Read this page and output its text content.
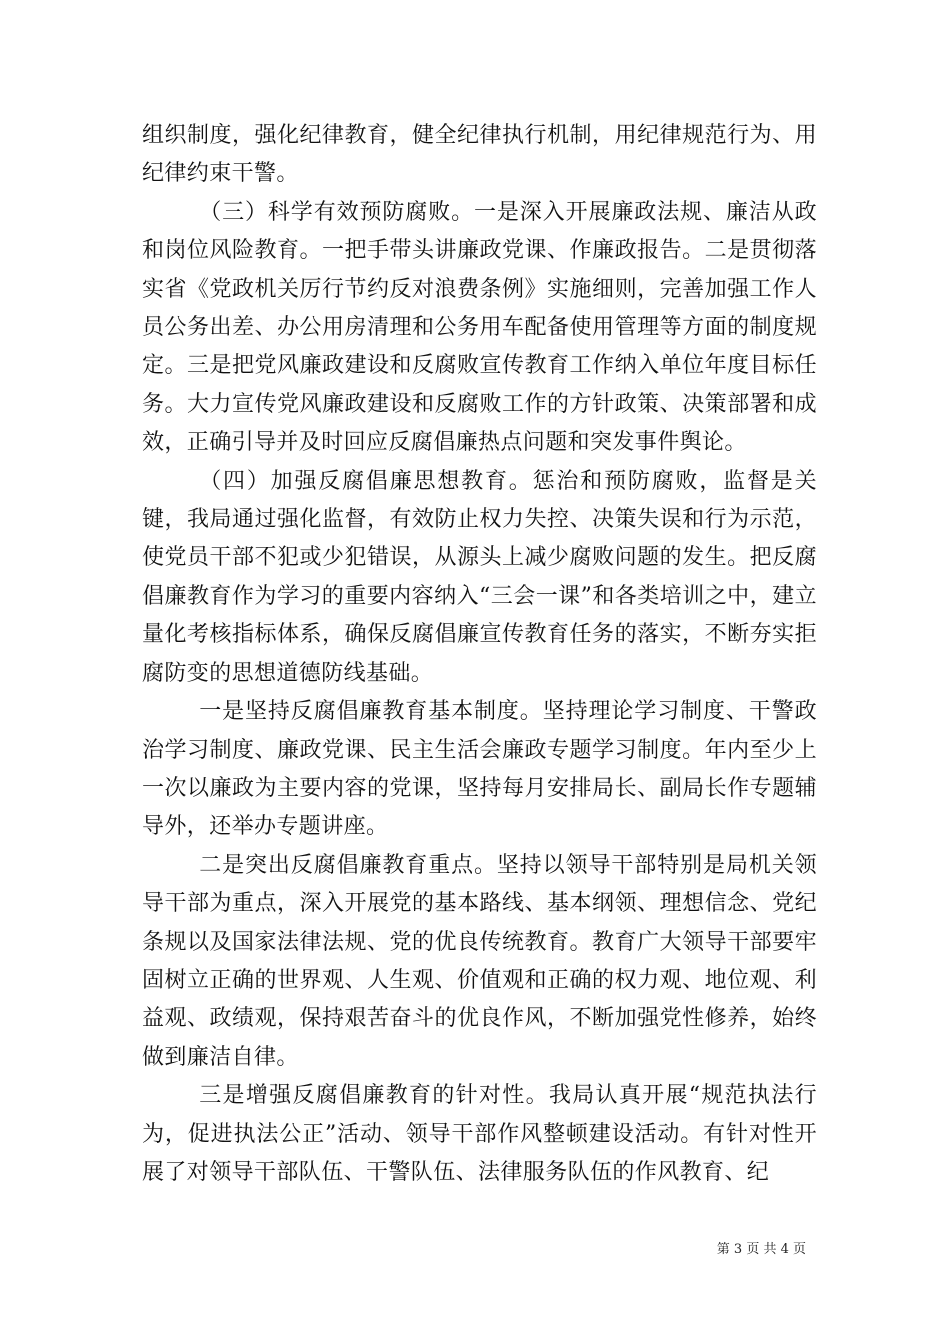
组织制度，强化纪律教育，健全纪律执行机制，用纪律规范行为、用纪律约束干警。

（三）科学有效预防腐败。一是深入开展廉政法规、廉洁从政和岗位风险教育。一把手带头讲廉政党课、作廉政报告。二是贯彻落实省《党政机关厉行节约反对浪费条例》实施细则，完善加强工作人员公务出差、办公用房清理和公务用车配备使用管理等方面的制度规定。三是把党风廉政建设和反腐败宣传教育工作纳入单位年度目标任务。大力宣传党风廉政建设和反腐败工作的方针政策、决策部署和成效，正确引导并及时回应反腐倡廉热点问题和突发事件舆论。

（四）加强反腐倡廉思想教育。惩治和预防腐败，监督是关键，我局通过强化监督，有效防止权力失控、决策失误和行为示范，使党员干部不犯或少犯错误，从源头上减少腐败问题的发生。把反腐倡廉教育作为学习的重要内容纳入“三会一课”和各类培训之中，建立量化考核指标体系，确保反腐倡廉宣传教育任务的落实，不断夯实拒腐防变的思想道德防线基础。

一是坚持反腐倡廉教育基本制度。坚持理论学习制度、干警政治学习制度、廉政党课、民主生活会廉政专题学习制度。年内至少上一次以廉政为主要内容的党课，坚持每月安排局长、副局长作专题辅导外，还举办专题讲座。

二是突出反腐倡廉教育重点。坚持以领导干部特别是局机关领导干部为重点，深入开展党的基本路线、基本纲领、理想信念、党纪条规以及国家法律法规、党的优良传统教育。教育广大领导干部要牢固树立正确的世界观、人生观、价值观和正确的权力观、地位观、利益观、政绩观，保持艰苦奋斗的优良作风，不断加强党性修养，始终做到廉洁自律。

三是增强反腐倡廉教育的针对性。我局认真开展“规范执法行为，促进执法公正”活动、领导干部作风整顿建设活动。有针对性开展了对领导干部队伍、干警队伍、法律服务队伍的作风教育、纪

第 3 页 共 4 页
